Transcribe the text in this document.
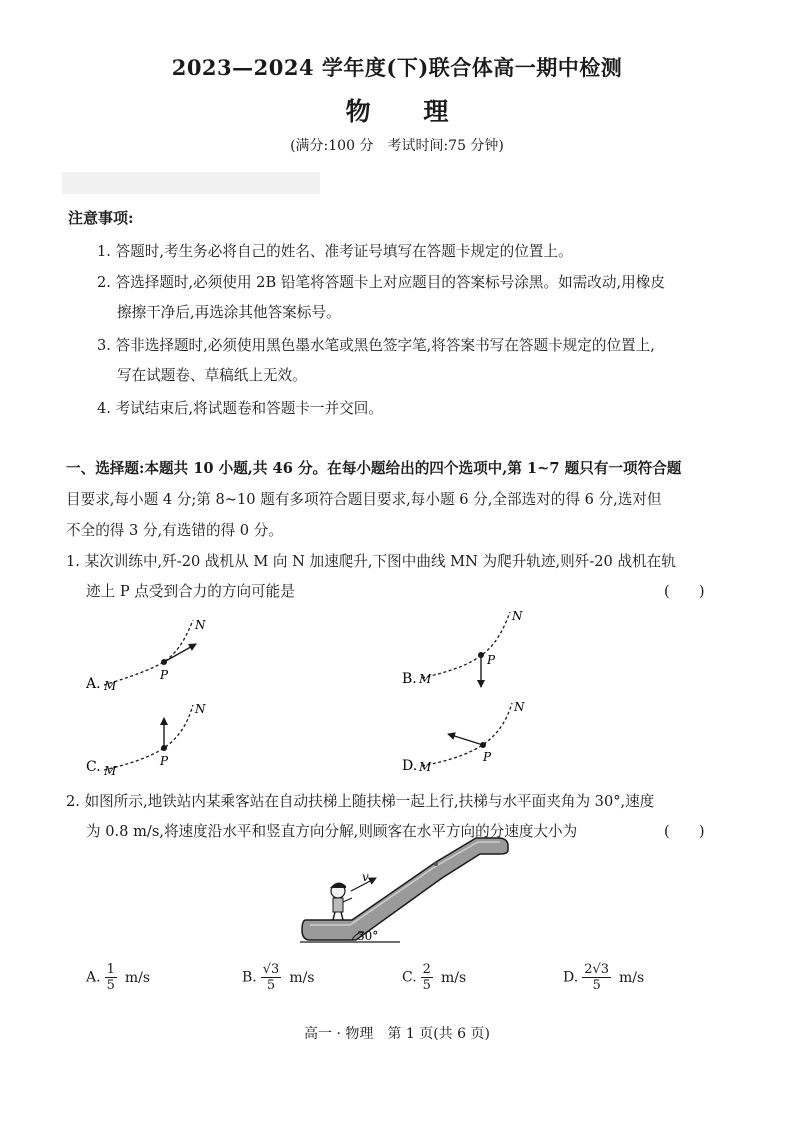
2023—2024 学年度(下)联合体高一期中检测
物 理
(满分:100 分　考试时间:75 分钟)
注意事项:
1. 答题时,考生务必将自己的姓名、准考证号填写在答题卡规定的位置上。
2. 答选择题时,必须使用 2B 铅笔将答题卡上对应题目的答案标号涂黑。如需改动,用橡皮
擦擦干净后,再选涂其他答案标号。
3. 答非选择题时,必须使用黑色墨水笔或黑色签字笔,将答案书写在答题卡规定的位置上,
写在试题卷、草稿纸上无效。
4. 考试结束后,将试题卷和答题卡一并交回。
一、选择题:本题共 10 小题,共 46 分。在每小题给出的四个选项中,第 1~7 题只有一项符合题
目要求,每小题 4 分;第 8~10 题有多项符合题目要求,每小题 6 分,全部选对的得 6 分,选对但
不全的得 3 分,有选错的得 0 分。
1. 某次训练中,歼-20 战机从 M 向 N 加速爬升,下图中曲线 MN 为爬升轨迹,则歼-20 战机在轨
迹上 P 点受到合力的方向可能是	(　　)
A. M
N
P	B. M
N
P
C. M
N
P	D. M
N
P
30°
v
2. 如图所示,地铁站内某乘客站在自动扶梯上随扶梯一起上行,扶梯与水平面夹角为 30°,速度
为 0.8 m/s,将速度沿水平和竖直方向分解,则顾客在水平方向的分速度大小为	(　　)
A. $\frac{1}{5} m/s$	B. $\frac{√3}{5} m/s$	C. $\frac{2}{5} m/s$	D. $\frac{2√3}{5} m/s$
高一 · 物理　第 1 页(共 6 页)
